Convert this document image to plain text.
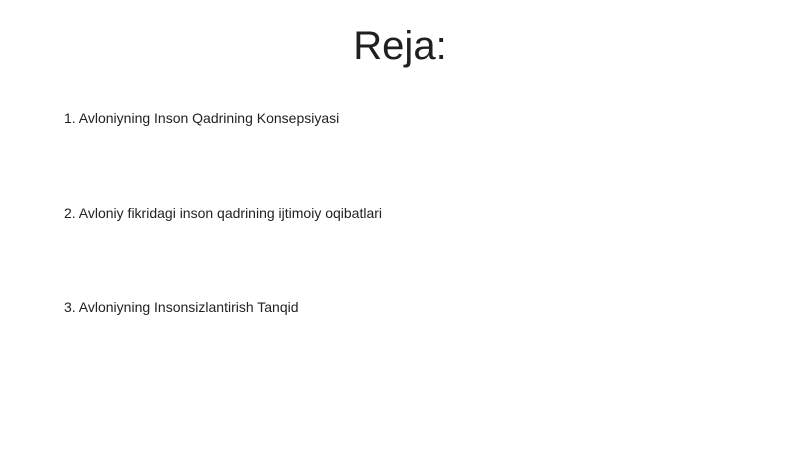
Reja:
1. Avloniyning Inson Qadrining Konsepsiyasi
2. Avloniy fikridagi inson qadrining ijtimoiy oqibatlari
3. Avloniyning Insonsizlantirish Tanqid
